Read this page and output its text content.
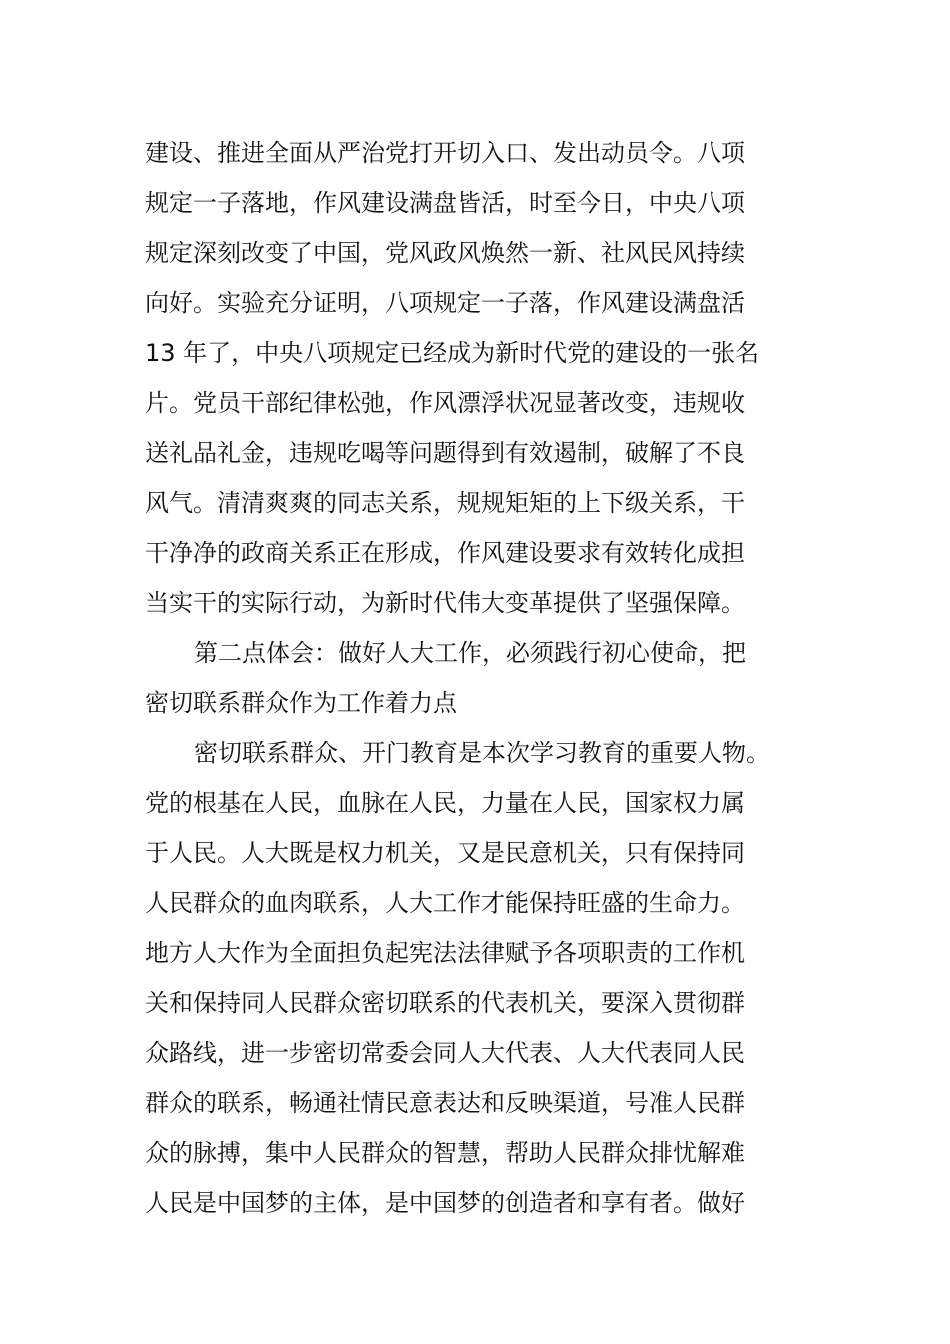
建设、推进全面从严治党打开切入口、发出动员令。八项
规定一子落地，作风建设满盘皆活，时至今日，中央八项
规定深刻改变了中国，党风政风焕然一新、社风民风持续
向好。实验充分证明，八项规定一子落，作风建设满盘活
13 年了，中央八项规定已经成为新时代党的建设的一张名
片。党员干部纪律松弛，作风漂浮状况显著改变，违规收
送礼品礼金，违规吃喝等问题得到有效遏制，破解了不良
风气。清清爽爽的同志关系，规规矩矩的上下级关系，干
干净净的政商关系正在形成，作风建设要求有效转化成担
当实干的实际行动，为新时代伟大变革提供了坚强保障。
第二点体会：做好人大工作，必须践行初心使命，把
密切联系群众作为工作着力点
密切联系群众、开门教育是本次学习教育的重要人物。
党的根基在人民，血脉在人民，力量在人民，国家权力属
于人民。人大既是权力机关，又是民意机关，只有保持同
人民群众的血肉联系，人大工作才能保持旺盛的生命力。
地方人大作为全面担负起宪法法律赋予各项职责的工作机
关和保持同人民群众密切联系的代表机关，要深入贯彻群
众路线，进一步密切常委会同人大代表、人大代表同人民
群众的联系，畅通社情民意表达和反映渠道，号准人民群
众的脉搏，集中人民群众的智慧，帮助人民群众排忧解难
人民是中国梦的主体，是中国梦的创造者和享有者。做好
